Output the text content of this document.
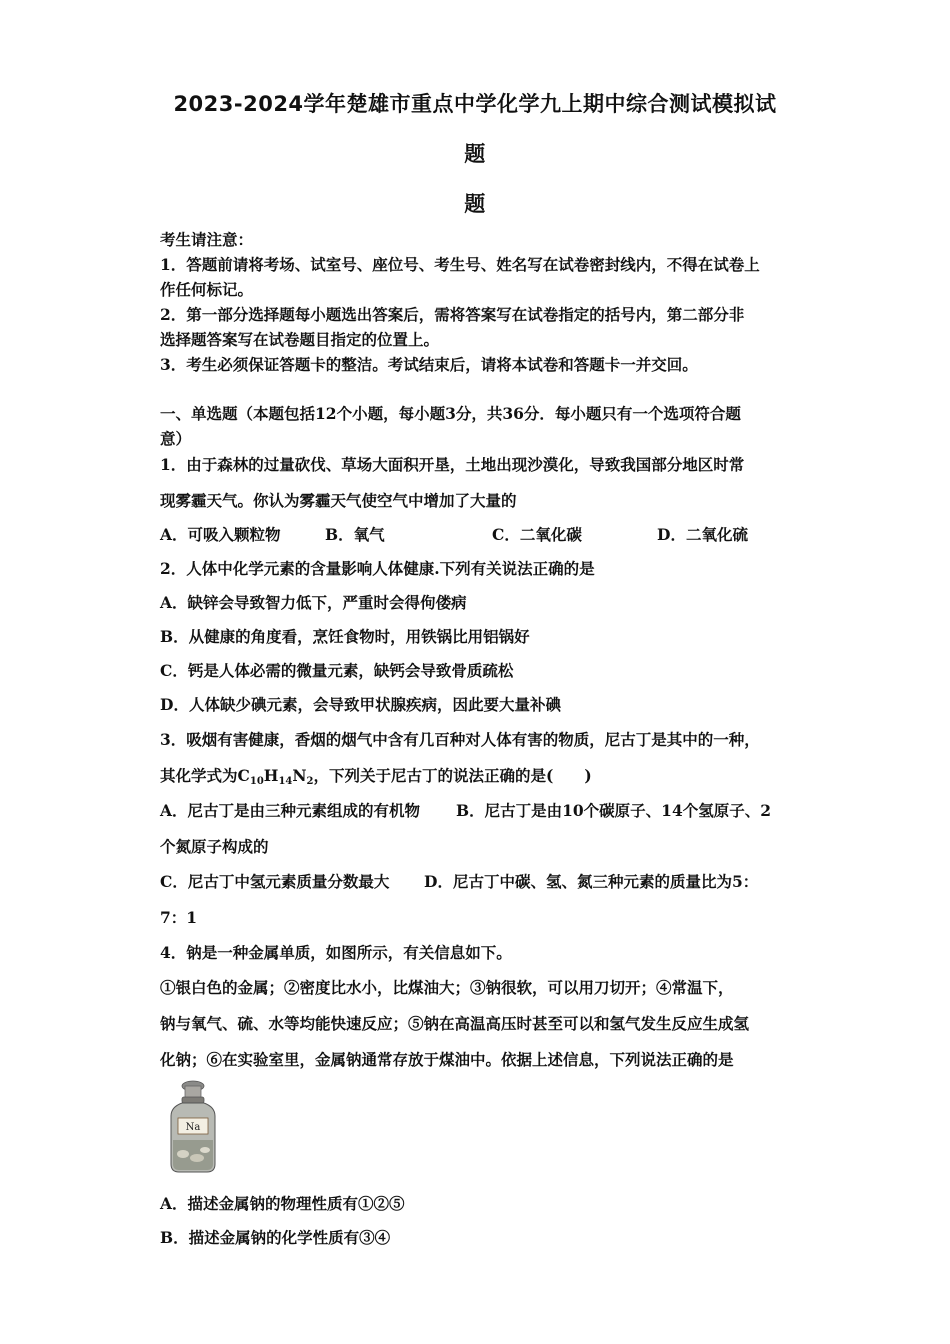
2023-2024学年楚雄市重点中学化学九上期中综合测试模拟试
题
题
考生请注意：
1．答题前请将考场、试室号、座位号、考生号、姓名写在试卷密封线内，不得在试卷上
作任何标记。
2．第一部分选择题每小题选出答案后，需将答案写在试卷指定的括号内，第二部分非
选择题答案写在试卷题目指定的位置上。
3．考生必须保证答题卡的整洁。考试结束后，请将本试卷和答题卡一并交回。
一、单选题（本题包括12个小题，每小题3分，共36分．每小题只有一个选项符合题
意）
1．由于森林的过量砍伐、草场大面积开垦，土地出现沙漠化，导致我国部分地区时常
现雾霾天气。你认为雾霾天气使空气中增加了大量的
A．可吸入颗粒物	B．氧气	C．二氧化碳	D．二氧化硫
2．人体中化学元素的含量影响人体健康.下列有关说法正确的是
A．缺锌会导致智力低下，严重时会得佝偻病
B．从健康的角度看，烹饪食物时，用铁锅比用铝锅好
C．钙是人体必需的微量元素，缺钙会导致骨质疏松
D．人体缺少碘元素，会导致甲状腺疾病，因此要大量补碘
3．吸烟有害健康，香烟的烟气中含有几百种对人体有害的物质，尼古丁是其中的一种，
其化学式为$C_{10}H_{14}N_2$，下列关于尼古丁的说法正确的是(　　)
A．尼古丁是由三种元素组成的有机物 B．尼古丁是由10个碳原子、14个氢原子、2
个氮原子构成的
C．尼古丁中氢元素质量分数最大 D．尼古丁中碳、氢、氮三种元素的质量比为5：
7：1
4．钠是一种金属单质，如图所示，有关信息如下。
①银白色的金属；②密度比水小，比煤油大；③钠很软，可以用刀切开；④常温下，
钠与氧气、硫、水等均能快速反应；⑤钠在高温高压时甚至可以和氢气发生反应生成氢
化钠；⑥在实验室里，金属钠通常存放于煤油中。依据上述信息，下列说法正确的是
Na
A．描述金属钠的物理性质有①②⑤
B．描述金属钠的化学性质有③④
